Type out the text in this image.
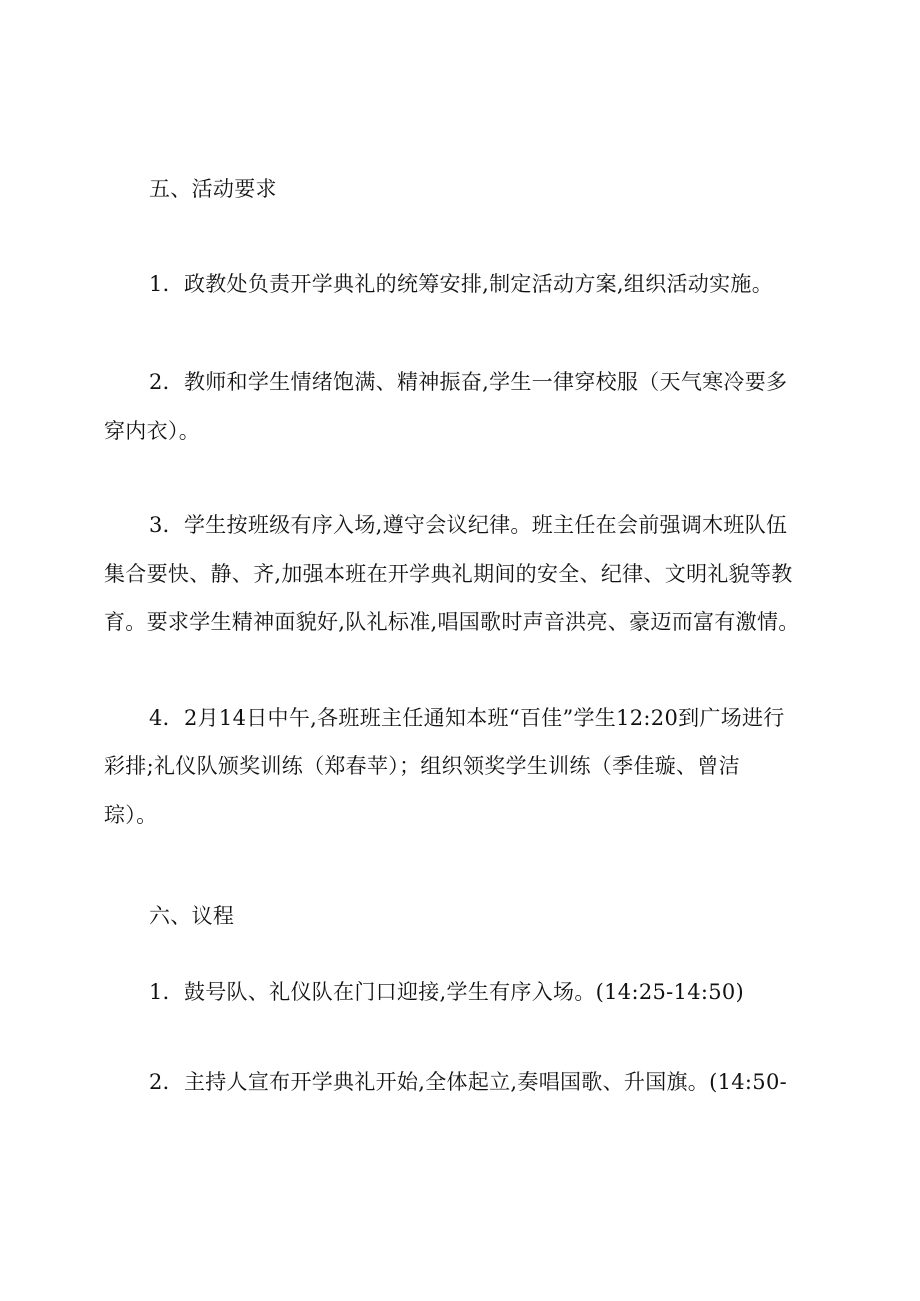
五、活动要求
1．政教处负责开学典礼的统筹安排,制定活动方案,组织活动实施。
2．教师和学生情绪饱满、精神振奋,学生一律穿校服（天气寒冷要多
穿内衣）。
3．学生按班级有序入场,遵守会议纪律。班主任在会前强调木班队伍
集合要快、静、齐,加强本班在开学典礼期间的安全、纪律、文明礼貌等教
育。要求学生精神面貌好,队礼标准,唱国歌时声音洪亮、豪迈而富有激情。
4．2月14日中午,各班班主任通知本班“百佳”学生12:20到广场进行
彩排;礼仪队颁奖训练（郑春苹）；组织领奖学生训练（季佳璇、曾洁
琮）。
六、议程
1．鼓号队、礼仪队在门口迎接,学生有序入场。(14:25-14:50)
2．主持人宣布开学典礼开始,全体起立,奏唱国歌、升国旗。(14:50-
